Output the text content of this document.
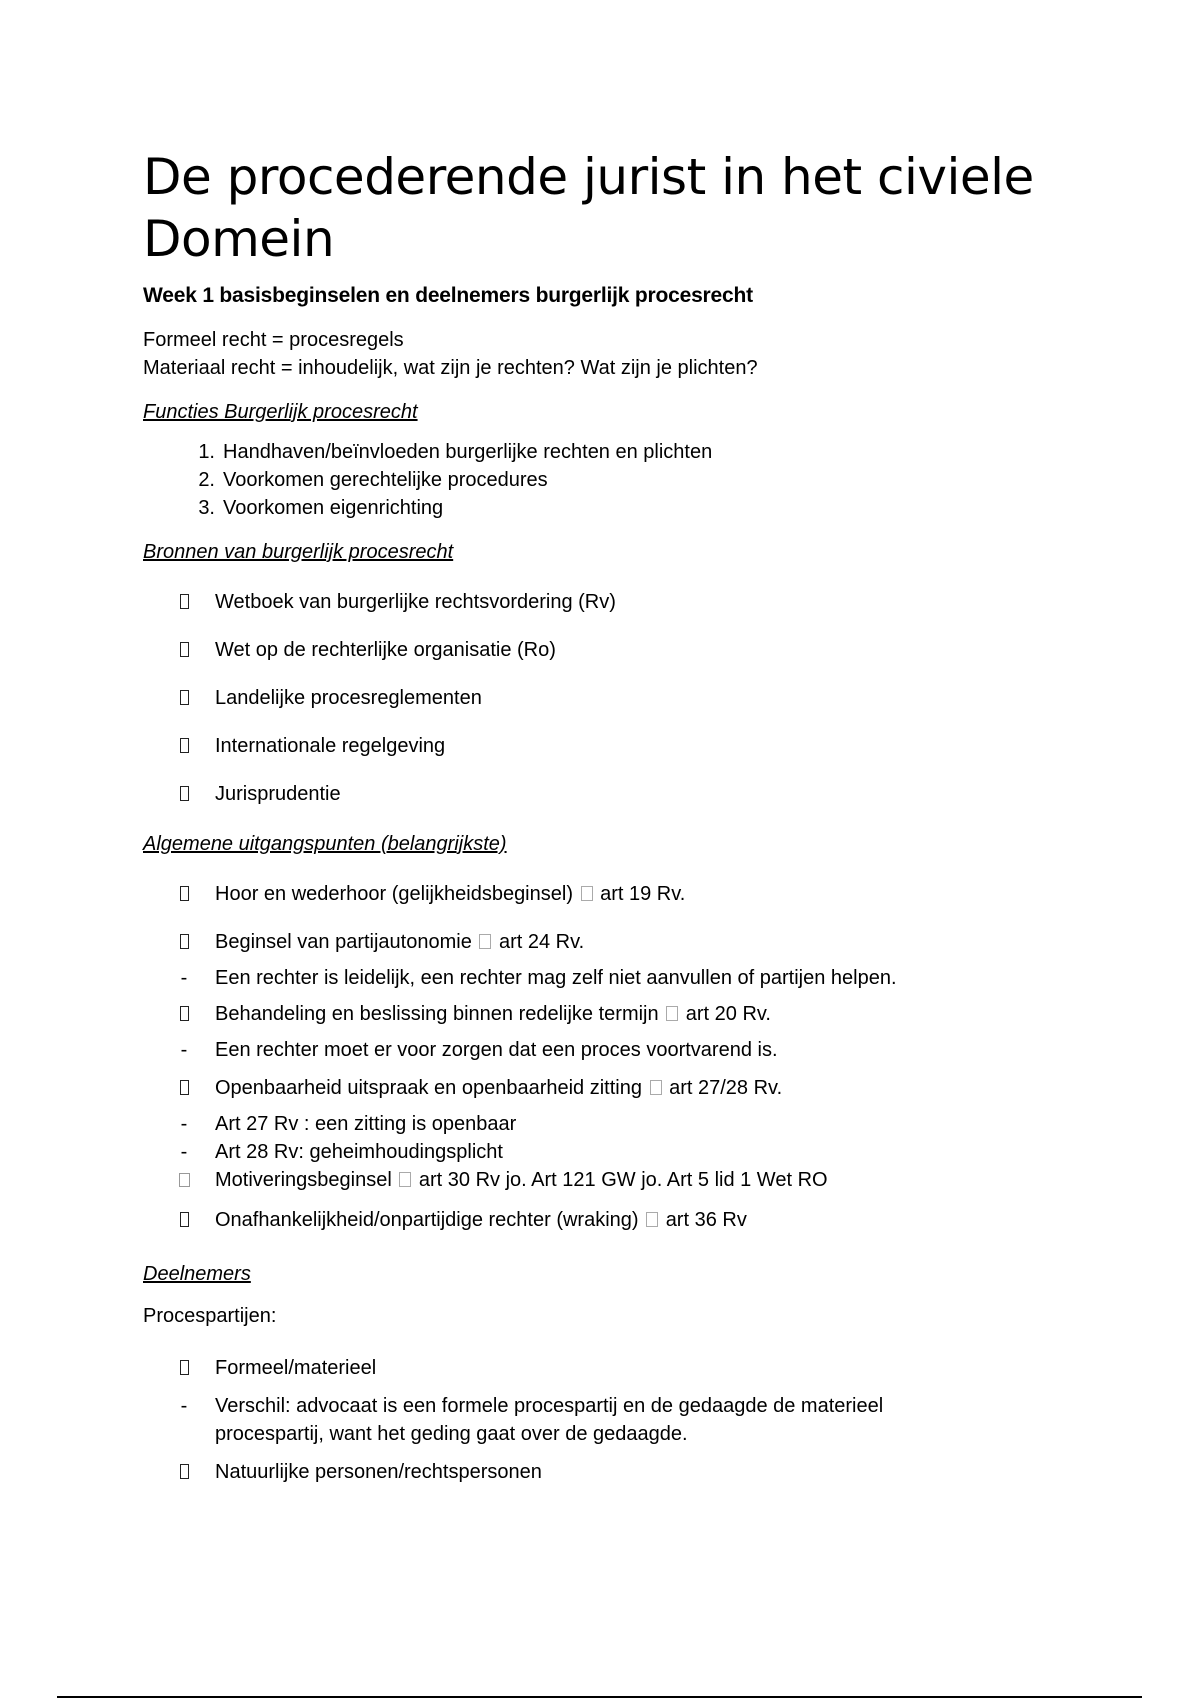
De procederende jurist in het civiele Domein
Week 1 basisbeginselen en deelnemers burgerlijk procesrecht

Formeel recht = procesregels

Materiaal recht = inhoudelijk, wat zijn je rechten? Wat zijn je plichten?

Functies Burgerlijk procesrecht

1. Handhaven/beïnvloeden burgerlijke rechten en plichten
2. Voorkomen gerechtelijke procedures
3. Voorkomen eigenrichting

Bronnen van burgerlijk procesrecht

Wetboek van burgerlijke rechtsvordering (Rv)
Wet op de rechterlijke organisatie (Ro)
Landelijke procesreglementen
Internationale regelgeving
Jurisprudentie

Algemene uitgangspunten (belangrijkste)

Hoor en wederhoor (gelijkheidsbeginsel) art 19 Rv.
Beginsel van partijautonomie art 24 Rv.
-	Een rechter is leidelijk, een rechter mag zelf niet aanvullen of partijen helpen.
Behandeling en beslissing binnen redelijke termijn art 20 Rv.
-	Een rechter moet er voor zorgen dat een proces voortvarend is.
Openbaarheid uitspraak en openbaarheid zitting art 27/28 Rv.
-	Art 27 Rv : een zitting is openbaar
-	Art 28 Rv: geheimhoudingsplicht
Motiveringsbeginsel art 30 Rv jo. Art 121 GW jo. Art 5 lid 1 Wet RO
Onafhankelijkheid/onpartijdige rechter (wraking) art 36 Rv

Deelnemers

Procespartijen:

Formeel/materieel
-	Verschil: advocaat is een formele procespartij en de gedaagde de materieel procespartij, want het geding gaat over de gedaagde.
Natuurlijke personen/rechtspersonen
